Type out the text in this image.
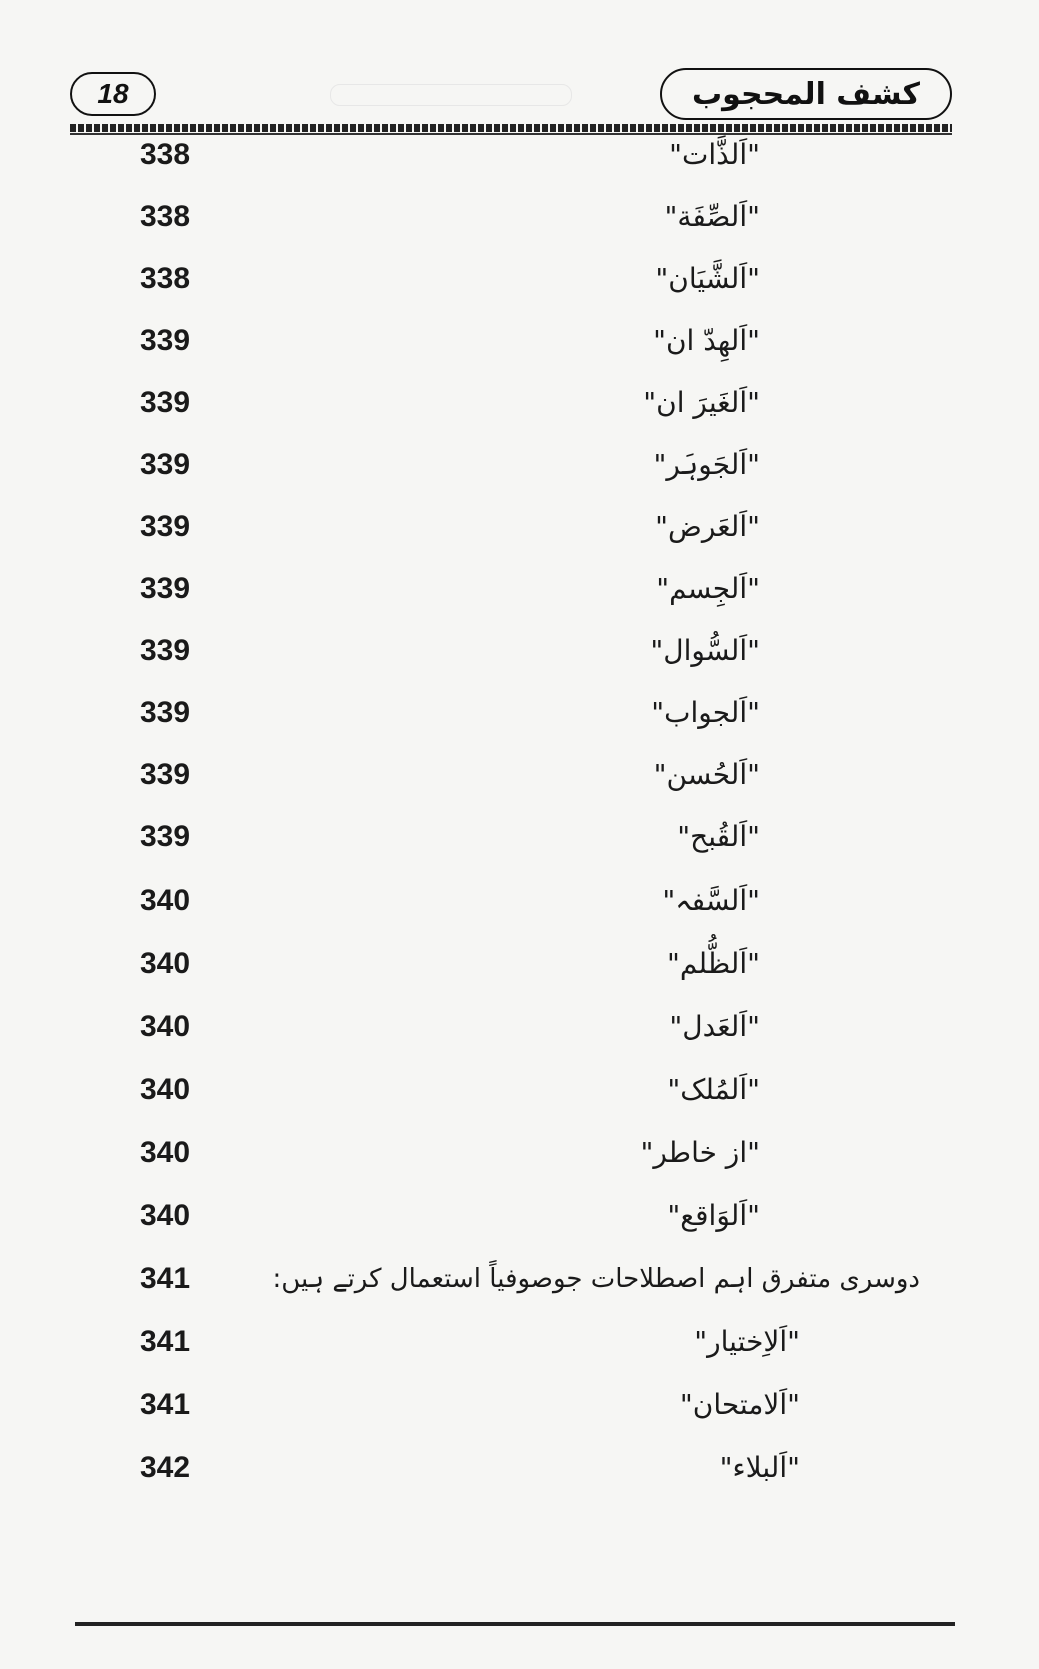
18	کشف المحجوب
338	"اَلذَّات"
338	"اَلصِّفَة"
338	"اَلشَّیَان"
339	"اَلھِدّ ان"
339	"اَلغَیرَ ان"
339	"اَلجَوہَر"
339	"اَلعَرض"
339	"اَلجِسم"
339	"اَلسُّوال"
339	"اَلجواب"
339	"اَلحُسن"
339	"اَلقُبح"
340	"اَلسَّفہ"
340	"اَلظُّلم"
340	"اَلعَدل"
340	"اَلمُلک"
340	"از خاطر"
340	"اَلوَاقع"
341	دوسری متفرق اہم اصطلاحات جوصوفیاً استعمال کرتے ہیں:
341	"اَلاِختیار"
341	"اَلامتحان"
342	"اَلبلاء"
